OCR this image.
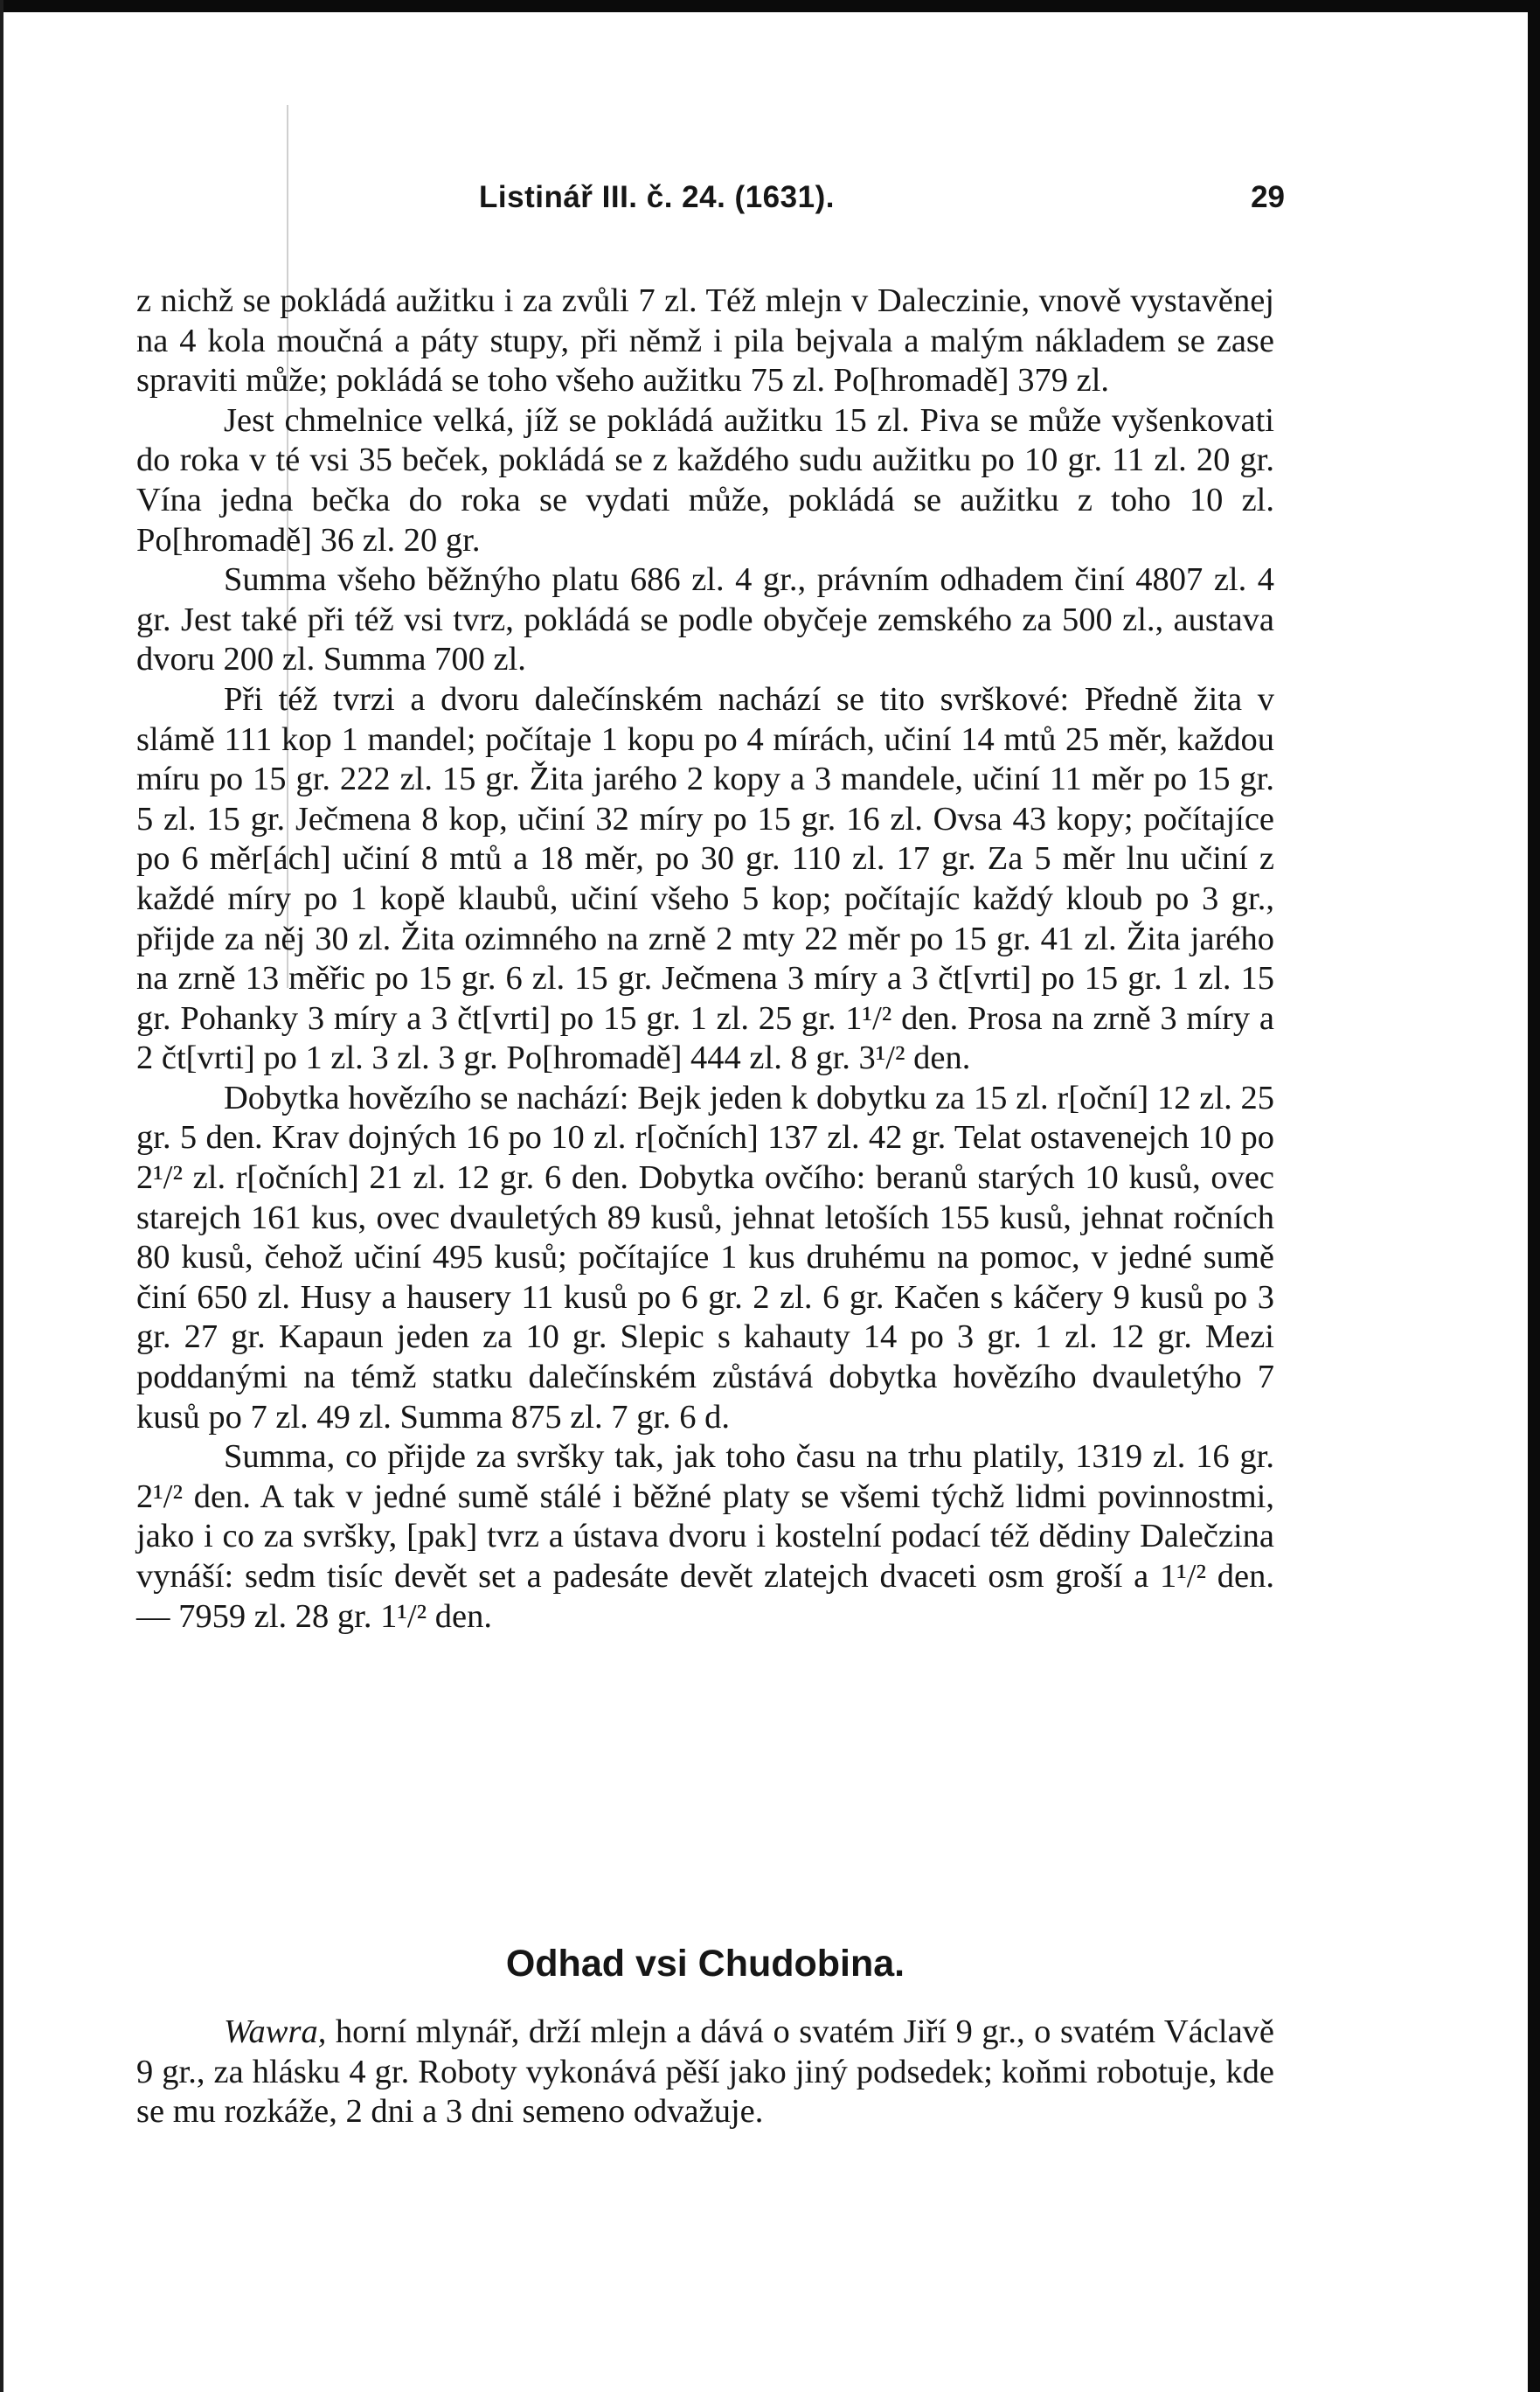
Listinář III. č. 24. (1631).	29

z nichž se pokládá aužitku i za zvůli 7 zl. Též mlejn v Daleczinie, vnově vystavěnej na 4 kola moučná a páty stupy, při němž i pila bejvala a malým nákladem se zase spraviti může; pokládá se toho všeho aužitku 75 zl. Po[hromadě] 379 zl.

Jest chmelnice velká, jíž se pokládá aužitku 15 zl. Piva se může vyšenkovati do roka v té vsi 35 beček, pokládá se z každého sudu aužitku po 10 gr. 11 zl. 20 gr. Vína jedna bečka do roka se vydati může, pokládá se aužitku z toho 10 zl. Po[hromadě] 36 zl. 20 gr.

Summa všeho běžnýho platu 686 zl. 4 gr., právním odhadem činí 4807 zl. 4 gr. Jest také při též vsi tvrz, pokládá se podle obyčeje zemského za 500 zl., austava dvoru 200 zl. Summa 700 zl.

Při též tvrzi a dvoru dalečínském nachází se tito svrškové: Předně žita v slámě 111 kop 1 mandel; počítaje 1 kopu po 4 mírách, učiní 14 mtů 25 měr, každou míru po 15 gr. 222 zl. 15 gr. Žita jarého 2 kopy a 3 mandele, učiní 11 měr po 15 gr. 5 zl. 15 gr. Ječmena 8 kop, učiní 32 míry po 15 gr. 16 zl. Ovsa 43 kopy; počítajíce po 6 měr[ách] učiní 8 mtů a 18 měr, po 30 gr. 110 zl. 17 gr. Za 5 měr lnu učiní z každé míry po 1 kopě klaubů, učiní všeho 5 kop; počítajíc každý kloub po 3 gr., přijde za něj 30 zl. Žita ozimného na zrně 2 mty 22 měr po 15 gr. 41 zl. Žita jarého na zrně 13 měřic po 15 gr. 6 zl. 15 gr. Ječmena 3 míry a 3 čt[vrti] po 15 gr. 1 zl. 15 gr. Pohanky 3 míry a 3 čt[vrti] po 15 gr. 1 zl. 25 gr. 1¹/² den. Prosa na zrně 3 míry a 2 čt[vrti] po 1 zl. 3 zl. 3 gr. Po[hromadě] 444 zl. 8 gr. 3¹/² den.

Dobytka hovězího se nachází: Bejk jeden k dobytku za 15 zl. r[oční] 12 zl. 25 gr. 5 den. Krav dojných 16 po 10 zl. r[očních] 137 zl. 42 gr. Telat ostavenejch 10 po 2¹/² zl. r[očních] 21 zl. 12 gr. 6 den. Dobytka ovčího: beranů starých 10 kusů, ovec starejch 161 kus, ovec dvauletých 89 kusů, jehnat letoších 155 kusů, jehnat ročních 80 kusů, čehož učiní 495 kusů; počítajíce 1 kus druhému na pomoc, v jedné sumě činí 650 zl. Husy a hausery 11 kusů po 6 gr. 2 zl. 6 gr. Kačen s káčery 9 kusů po 3 gr. 27 gr. Kapaun jeden za 10 gr. Slepic s kahauty 14 po 3 gr. 1 zl. 12 gr. Mezi poddanými na témž statku dalečínském zůstává dobytka hovězího dvauletýho 7 kusů po 7 zl. 49 zl. Summa 875 zl. 7 gr. 6 d.

Summa, co přijde za svršky tak, jak toho času na trhu platily, 1319 zl. 16 gr. 2¹/² den. A tak v jedné sumě stálé i běžné platy se všemi týchž lidmi povinnostmi, jako i co za svršky, [pak] tvrz a ústava dvoru i kostelní podací též dědiny Dalečzina vynáší: sedm tisíc devět set a padesáte devět zlatejch dvaceti osm groší a 1¹/² den. — 7959 zl. 28 gr. 1¹/² den.

Odhad vsi Chudobina.

Wawra, horní mlynář, drží mlejn a dává o svatém Jiří 9 gr., o svatém Václavě 9 gr., za hlásku 4 gr. Roboty vykonává pěší jako jiný podsedek; koňmi robotuje, kde se mu rozkáže, 2 dni a 3 dni semeno odvažuje.
